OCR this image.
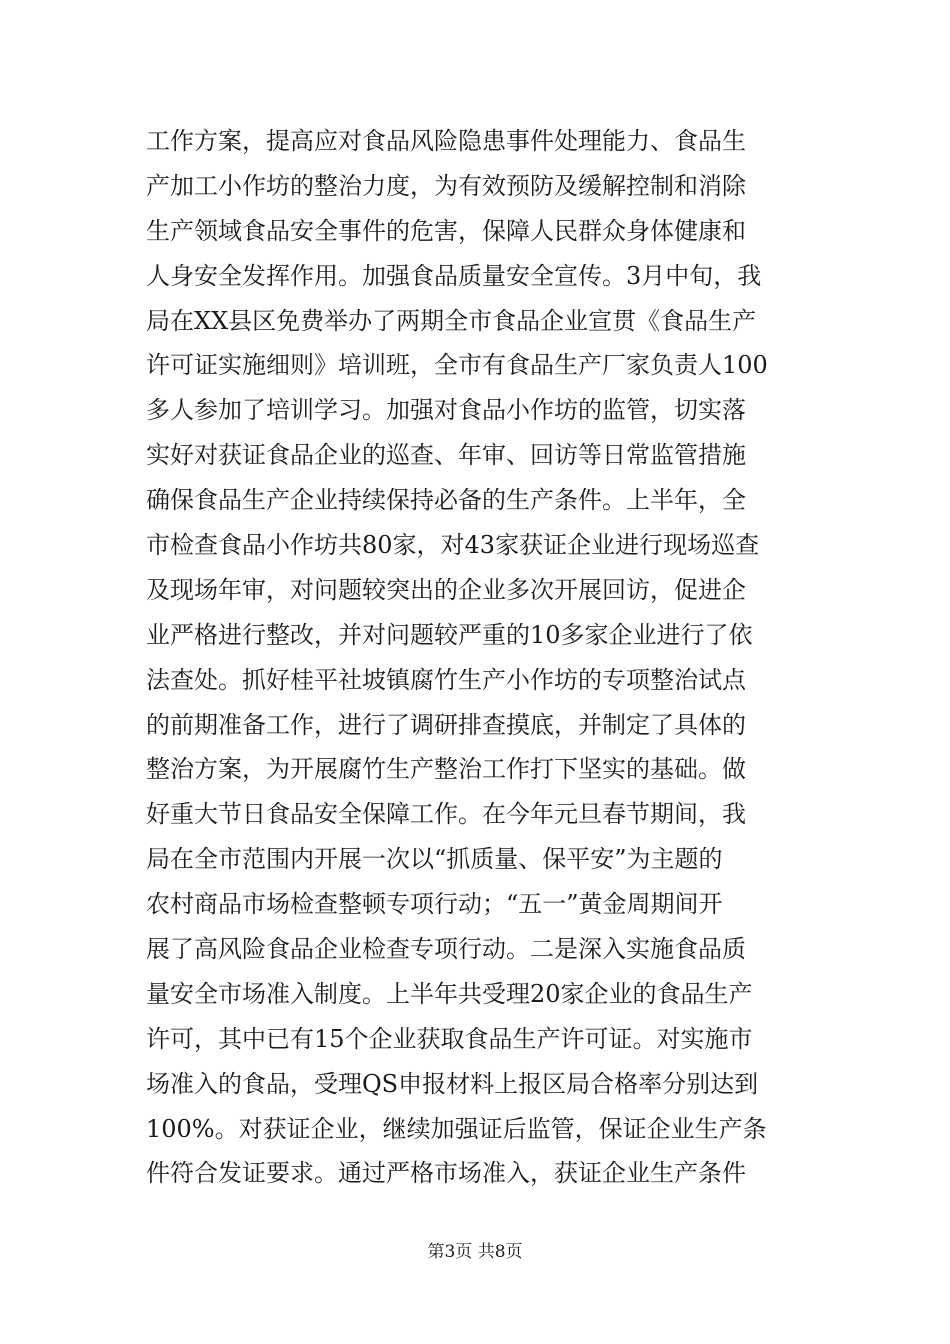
工作方案，提高应对食品风险隐患事件处理能力、食品生
产加工小作坊的整治力度，为有效预防及缓解控制和消除
生产领域食品安全事件的危害，保障人民群众身体健康和
人身安全发挥作用。加强食品质量安全宣传。3月中旬，我
局在XX县区免费举办了两期全市食品企业宣贯《食品生产
许可证实施细则》培训班，全市有食品生产厂家负责人100
多人参加了培训学习。加强对食品小作坊的监管，切实落
实好对获证食品企业的巡查、年审、回访等日常监管措施
确保食品生产企业持续保持必备的生产条件。上半年，全
市检查食品小作坊共80家，对43家获证企业进行现场巡查
及现场年审，对问题较突出的企业多次开展回访，促进企
业严格进行整改，并对问题较严重的10多家企业进行了依
法查处。抓好桂平社坡镇腐竹生产小作坊的专项整治试点
的前期准备工作，进行了调研排查摸底，并制定了具体的
整治方案，为开展腐竹生产整治工作打下坚实的基础。做
好重大节日食品安全保障工作。在今年元旦春节期间，我
局在全市范围内开展一次以“抓质量、保平安”为主题的
农村商品市场检查整顿专项行动；“五一”黄金周期间开
展了高风险食品企业检查专项行动。二是深入实施食品质
量安全市场准入制度。上半年共受理20家企业的食品生产
许可，其中已有15个企业获取食品生产许可证。对实施市
场准入的食品，受理QS申报材料上报区局合格率分别达到
100%。对获证企业，继续加强证后监管，保证企业生产条
件符合发证要求。通过严格市场准入，获证企业生产条件
第3页 共8页
